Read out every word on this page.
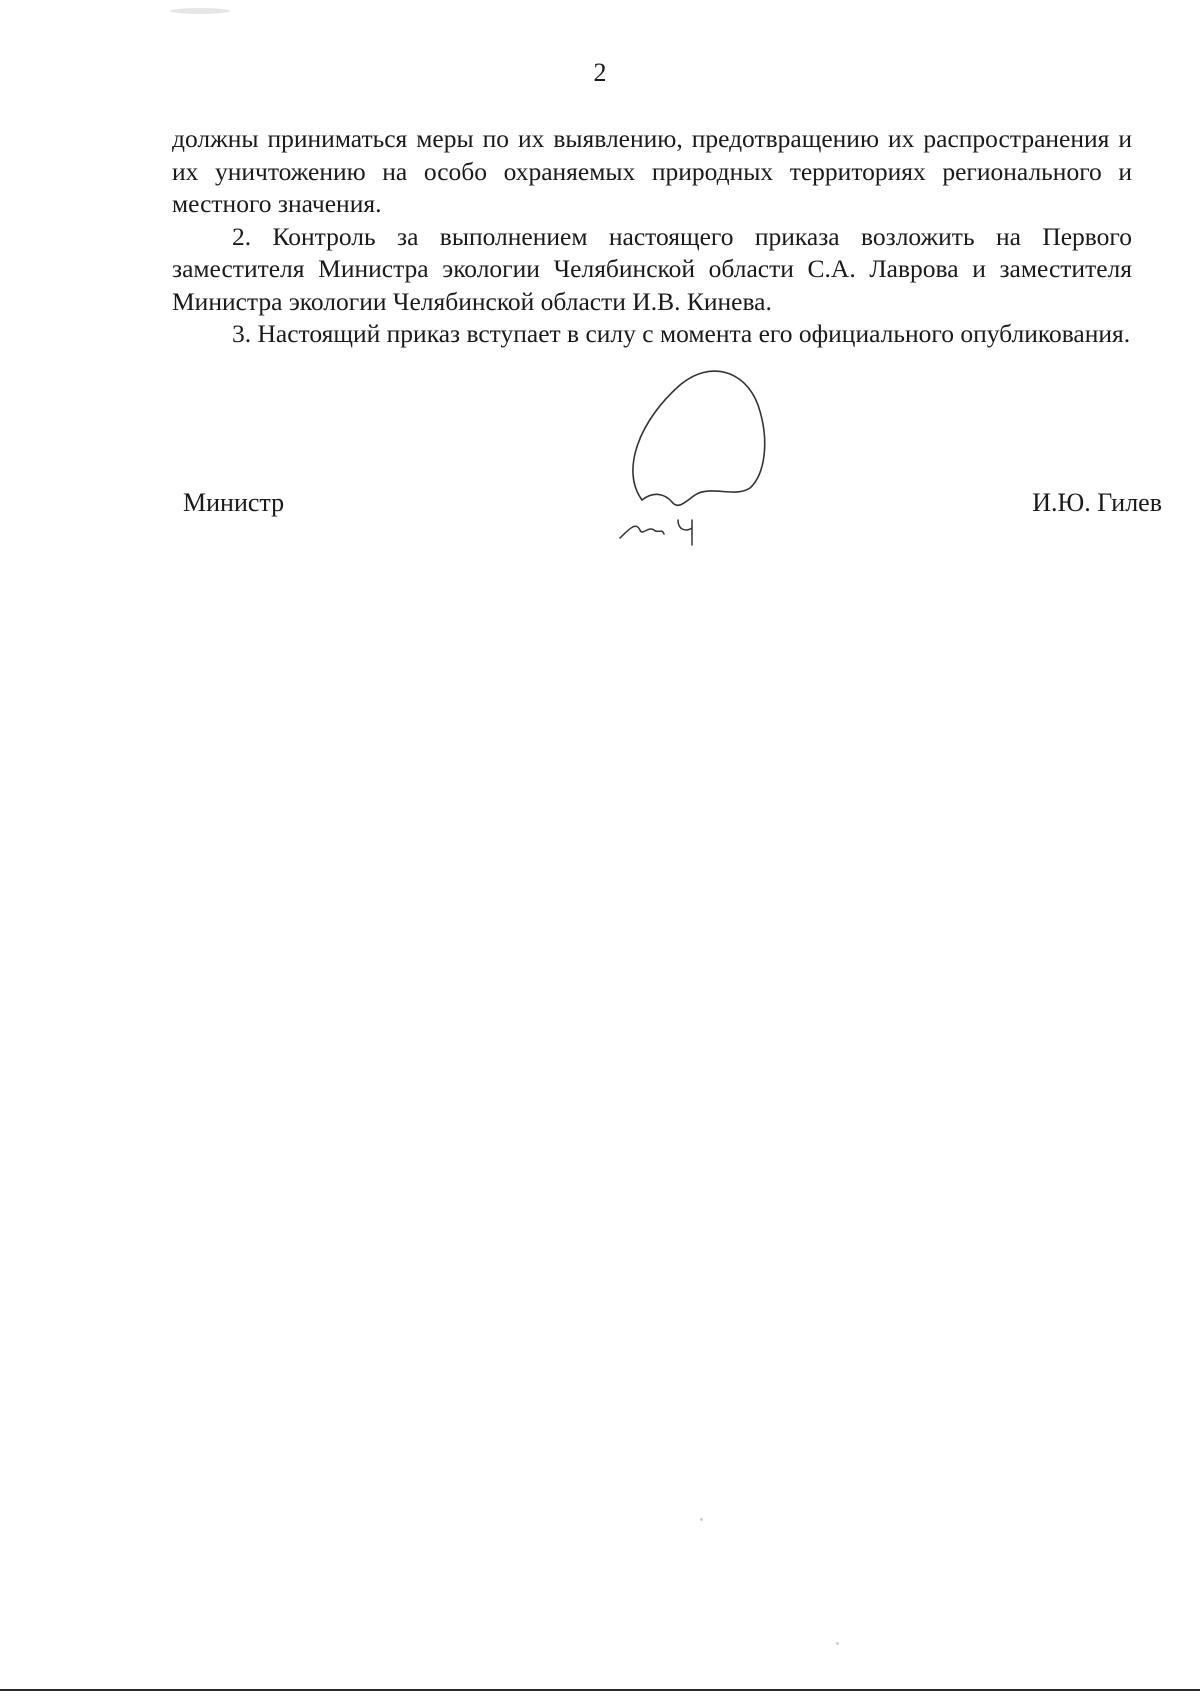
2

должны приниматься меры по их выявлению, предотвращению их распространения и их уничтожению на особо охраняемых природных территориях регионального и местного значения.

2. Контроль за выполнением настоящего приказа возложить на Первого заместителя Министра экологии Челябинской области С.А. Лаврова и заместителя Министра экологии Челябинской области И.В. Кинева.

3. Настоящий приказ вступает в силу с момента его официального опубликования.

Министр	И.Ю. Гилев
